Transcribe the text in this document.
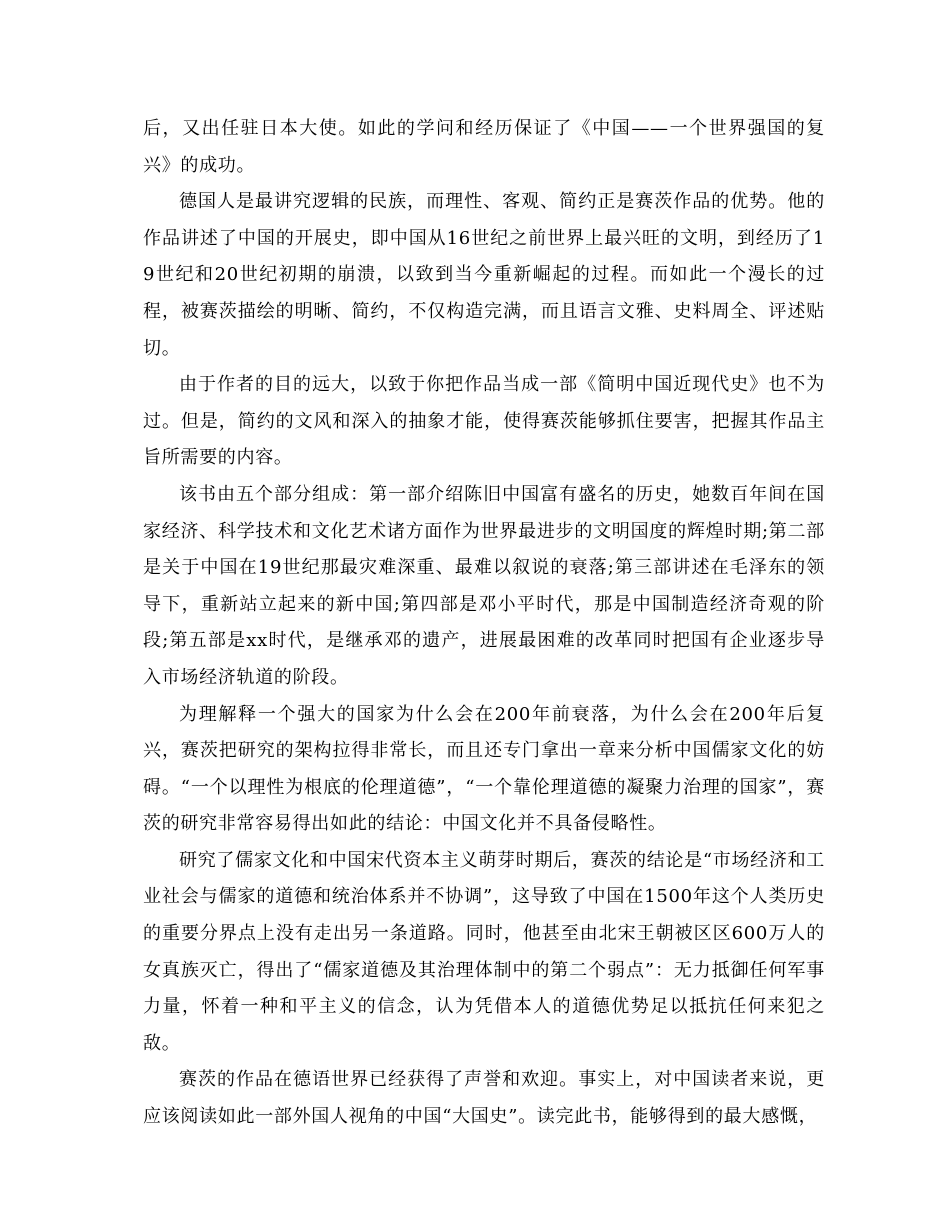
后，又出任驻日本大使。如此的学问和经历保证了《中国——一个世界强国的复兴》的成功。

德国人是最讲究逻辑的民族，而理性、客观、简约正是赛茨作品的优势。他的作品讲述了中国的开展史，即中国从16世纪之前世界上最兴旺的文明，到经历了19世纪和20世纪初期的崩溃，以致到当今重新崛起的过程。而如此一个漫长的过程，被赛茨描绘的明晰、简约，不仅构造完满，而且语言文雅、史料周全、评述贴切。

由于作者的目的远大，以致于你把作品当成一部《简明中国近现代史》也不为过。但是，简约的文风和深入的抽象才能，使得赛茨能够抓住要害，把握其作品主旨所需要的内容。

该书由五个部分组成：第一部介绍陈旧中国富有盛名的历史，她数百年间在国家经济、科学技术和文化艺术诸方面作为世界最进步的文明国度的辉煌时期;第二部是关于中国在19世纪那最灾难深重、最难以叙说的衰落;第三部讲述在毛泽东的领导下，重新站立起来的新中国;第四部是邓小平时代，那是中国制造经济奇观的阶段;第五部是xx时代，是继承邓的遗产，进展最困难的改革同时把国有企业逐步导入市场经济轨道的阶段。

为理解释一个强大的国家为什么会在200年前衰落，为什么会在200年后复兴，赛茨把研究的架构拉得非常长，而且还专门拿出一章来分析中国儒家文化的妨碍。“一个以理性为根底的伦理道德”，“一个靠伦理道德的凝聚力治理的国家”，赛茨的研究非常容易得出如此的结论：中国文化并不具备侵略性。

研究了儒家文化和中国宋代资本主义萌芽时期后，赛茨的结论是“市场经济和工业社会与儒家的道德和统治体系并不协调”，这导致了中国在1500年这个人类历史的重要分界点上没有走出另一条道路。同时，他甚至由北宋王朝被区区600万人的女真族灭亡，得出了“儒家道德及其治理体制中的第二个弱点”：无力抵御任何军事力量，怀着一种和平主义的信念，认为凭借本人的道德优势足以抵抗任何来犯之敌。

赛茨的作品在德语世界已经获得了声誉和欢迎。事实上，对中国读者来说，更应该阅读如此一部外国人视角的中国“大国史”。读完此书，能够得到的最大感慨，
